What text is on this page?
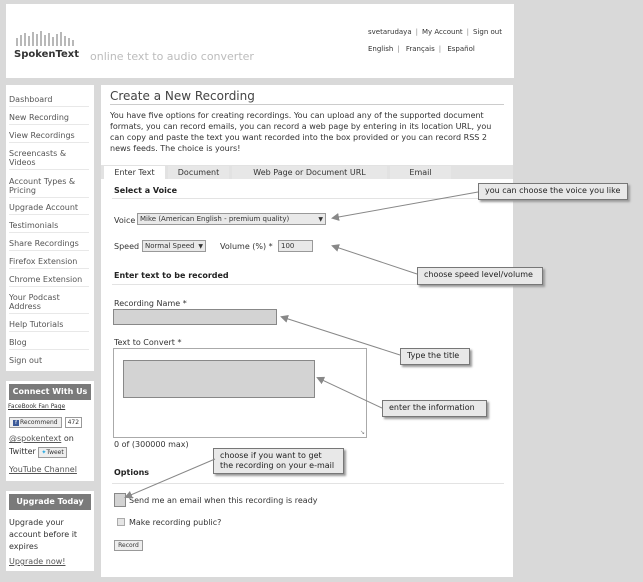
SpokenText online text to audio converter
svetarudaya | My Account | Sign out
English | Français | Español
Dashboard
New Recording
View Recordings
Screencasts & Videos
Account Types & Pricing
Upgrade Account
Testimonials
Share Recordings
Firefox Extension
Chrome Extension
Your Podcast Address
Help Tutorials
Blog
Sign out
Connect With Us
FaceBook Fan Page
f Recommend 472
@spokentext on
Twitter ✦Tweet
YouTube Channel
Upgrade Today
Upgrade your account before it expires
Upgrade now!
Create a New Recording
You have five options for creating recordings. You can upload any of the supported document formats, you can record emails, you can record a web page by entering in its location URL, you can copy and paste the text you want recorded into the box provided or you can record RSS 2 news feeds. The choice is yours!
Enter Text	Document	Web Page or Document URL	Email
Select a Voice
Voice Mike (American English - premium quality)	▼
Speed Normal Speed ▼ Volume (%) *	100
Enter text to be recorded
Recording Name *
Text to Convert *
↘
0 of (300000 max)
Options
Send me an email when this recording is ready
Make recording public?
Record
you can choose the voice you like
choose speed level/volume
Type the title
enter the information
choose if you want to get
the recording on your e-mail
